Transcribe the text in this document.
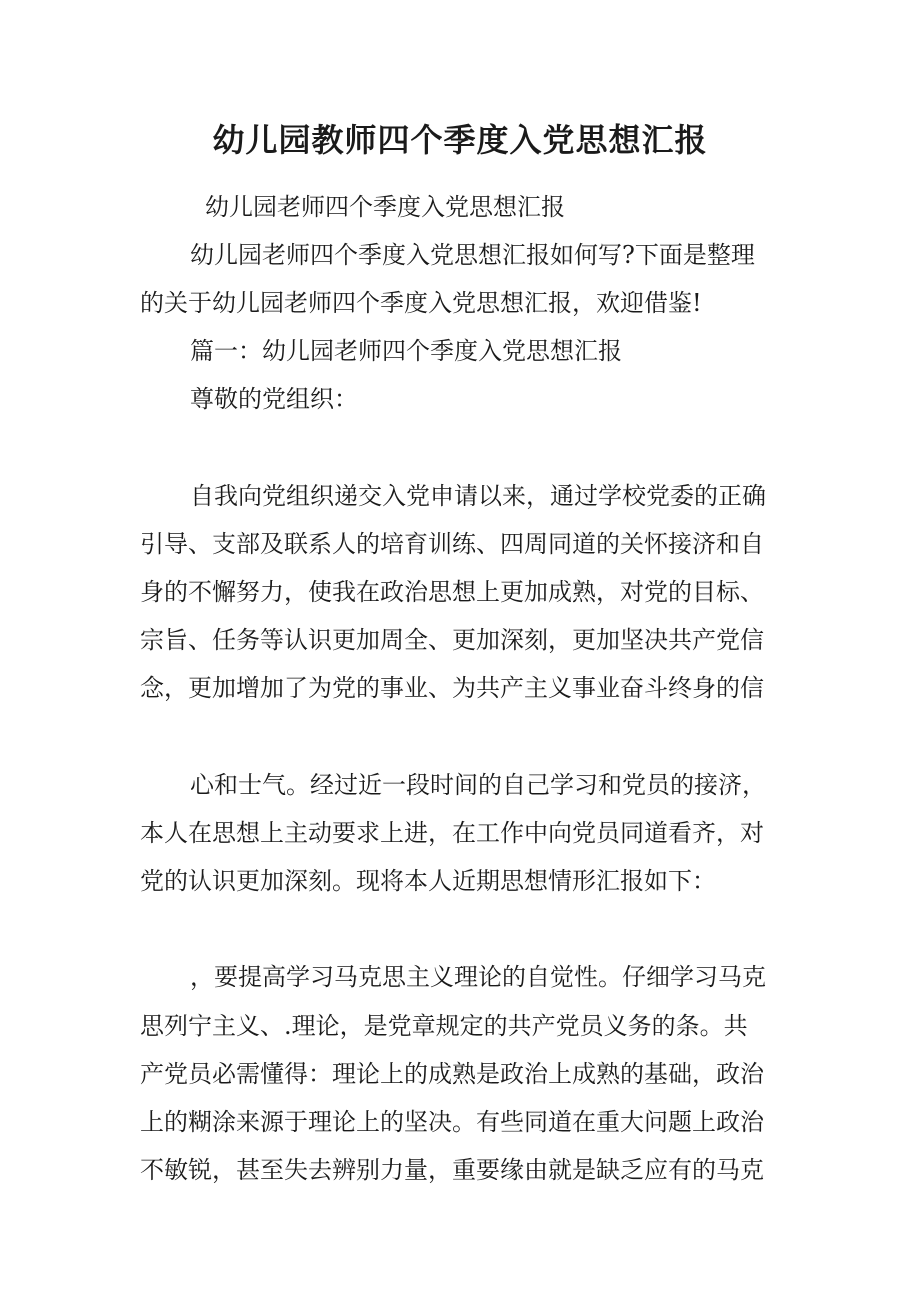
幼儿园教师四个季度入党思想汇报

幼儿园老师四个季度入党思想汇报

幼儿园老师四个季度入党思想汇报如何写?下面是整理

的关于幼儿园老师四个季度入党思想汇报，欢迎借鉴!

篇一：幼儿园老师四个季度入党思想汇报

尊敬的党组织：

自我向党组织递交入党申请以来，通过学校党委的正确

引导、支部及联系人的培育训练、四周同道的关怀接济和自

身的不懈努力，使我在政治思想上更加成熟，对党的目标、

宗旨、任务等认识更加周全、更加深刻，更加坚决共产党信

念，更加增加了为党的事业、为共产主义事业奋斗终身的信

心和士气。经过近一段时间的自己学习和党员的接济，

本人在思想上主动要求上进，在工作中向党员同道看齐，对

党的认识更加深刻。现将本人近期思想情形汇报如下：

，要提高学习马克思主义理论的自觉性。仔细学习马克

思列宁主义、.理论，是党章规定的共产党员义务的条。共

产党员必需懂得：理论上的成熟是政治上成熟的基础，政治

上的糊涂来源于理论上的坚决。有些同道在重大问题上政治

不敏锐，甚至失去辨别力量，重要缘由就是缺乏应有的马克
